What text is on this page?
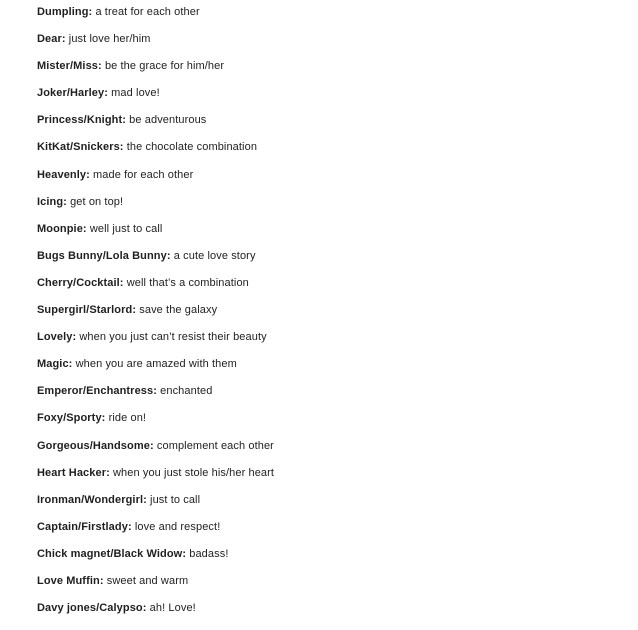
Dumpling: a treat for each other
Dear: just love her/him
Mister/Miss: be the grace for him/her
Joker/Harley: mad love!
Princess/Knight: be adventurous
KitKat/Snickers: the chocolate combination
Heavenly: made for each other
Icing: get on top!
Moonpie: well just to call
Bugs Bunny/Lola Bunny: a cute love story
Cherry/Cocktail: well that’s a combination
Supergirl/Starlord: save the galaxy
Lovely: when you just can’t resist their beauty
Magic: when you are amazed with them
Emperor/Enchantress: enchanted
Foxy/Sporty: ride on!
Gorgeous/Handsome: complement each other
Heart Hacker: when you just stole his/her heart
Ironman/Wondergirl: just to call
Captain/Firstlady: love and respect!
Chick magnet/Black Widow: badass!
Love Muffin: sweet and warm
Davy jones/Calypso: ah! Love!
